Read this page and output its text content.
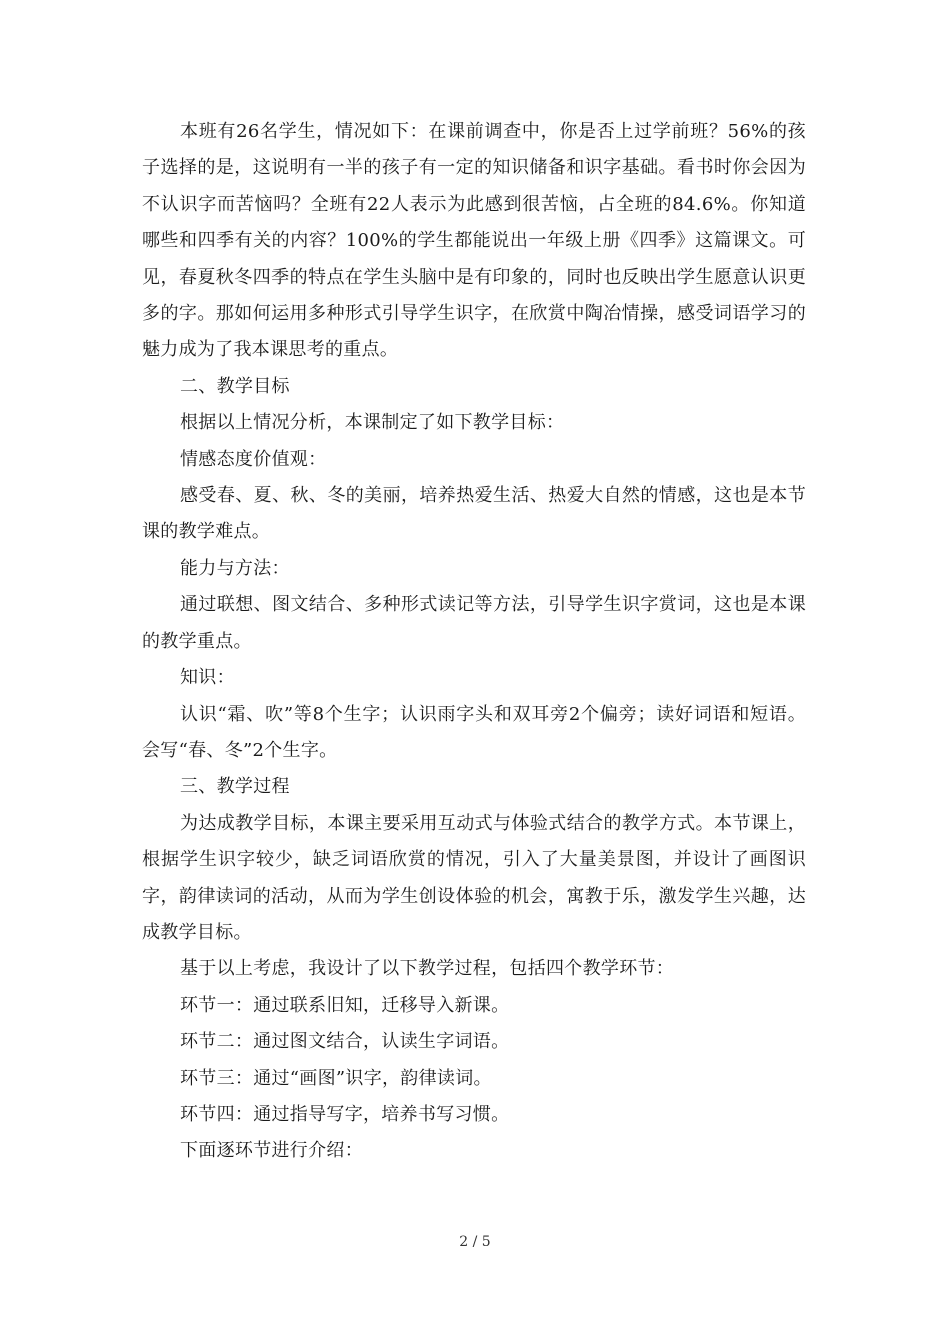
本班有26名学生，情况如下：在课前调查中，你是否上过学前班？56%的孩子选择的是，这说明有一半的孩子有一定的知识储备和识字基础。看书时你会因为不认识字而苦恼吗？全班有22人表示为此感到很苦恼，占全班的84.6%。你知道哪些和四季有关的内容？100%的学生都能说出一年级上册《四季》这篇课文。可见，春夏秋冬四季的特点在学生头脑中是有印象的，同时也反映出学生愿意认识更多的字。那如何运用多种形式引导学生识字，在欣赏中陶冶情操，感受词语学习的魅力成为了我本课思考的重点。

二、教学目标

根据以上情况分析，本课制定了如下教学目标：

情感态度价值观：

感受春、夏、秋、冬的美丽，培养热爱生活、热爱大自然的情感，这也是本节课的教学难点。

能力与方法：

通过联想、图文结合、多种形式读记等方法，引导学生识字赏词，这也是本课的教学重点。

知识：

认识“霜、吹”等8个生字；认识雨字头和双耳旁2个偏旁；读好词语和短语。会写“春、冬”2个生字。

三、教学过程

为达成教学目标，本课主要采用互动式与体验式结合的教学方式。本节课上，根据学生识字较少，缺乏词语欣赏的情况，引入了大量美景图，并设计了画图识字，韵律读词的活动，从而为学生创设体验的机会，寓教于乐，激发学生兴趣，达成教学目标。

基于以上考虑，我设计了以下教学过程，包括四个教学环节：

环节一：通过联系旧知，迁移导入新课。

环节二：通过图文结合，认读生字词语。

环节三：通过“画图”识字，韵律读词。

环节四：通过指导写字，培养书写习惯。

下面逐环节进行介绍：

2 / 5
